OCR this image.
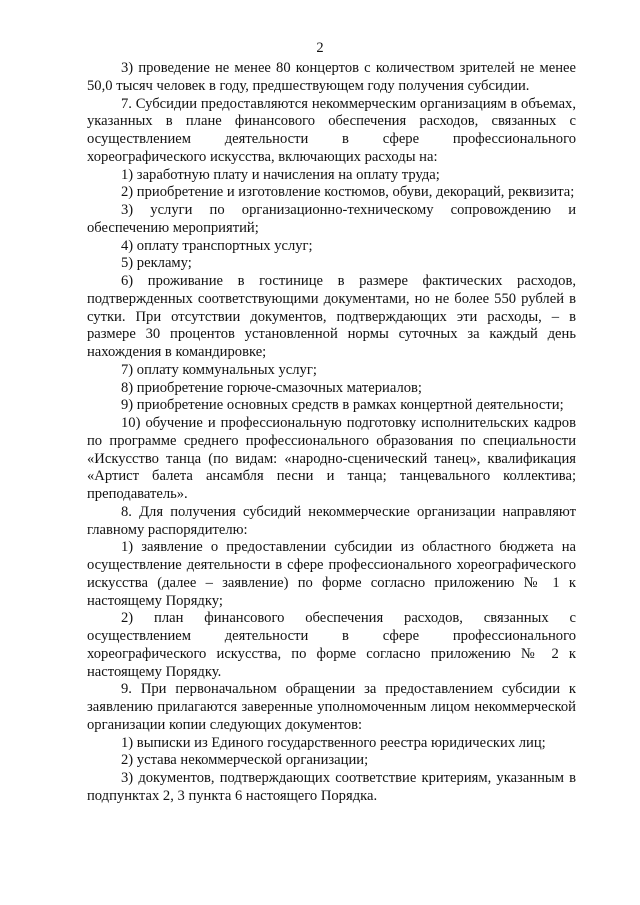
2

3) проведение не менее 80 концертов с количеством зрителей не менее 50,0 тысяч человек в году, предшествующем году получения субсидии.

7. Субсидии предоставляются некоммерческим организациям в объемах, указанных в плане финансового обеспечения расходов, связанных с осуществлением деятельности в сфере профессионального хореографического искусства, включающих расходы на:

1) заработную плату и начисления на оплату труда;

2) приобретение и изготовление костюмов, обуви, декораций, реквизита;

3) услуги по организационно-техническому сопровождению и обеспечению мероприятий;

4) оплату транспортных услуг;

5) рекламу;

6) проживание в гостинице в размере фактических расходов, подтвержденных соответствующими документами, но не более 550 рублей в сутки. При отсутствии документов, подтверждающих эти расходы, – в размере 30 процентов установленной нормы суточных за каждый день нахождения в командировке;

7) оплату коммунальных услуг;

8) приобретение горюче-смазочных материалов;

9) приобретение основных средств в рамках концертной деятельности;

10) обучение и профессиональную подготовку исполнительских кадров по программе среднего профессионального образования по специальности «Искусство танца (по видам: «народно-сценический танец», квалификация «Артист балета ансамбля песни и танца; танцевального коллектива; преподаватель».

8. Для получения субсидий некоммерческие организации направляют главному распорядителю:

1) заявление о предоставлении субсидии из областного бюджета на осуществление деятельности в сфере профессионального хореографического искусства (далее – заявление) по форме согласно приложению № 1 к настоящему Порядку;

2) план финансового обеспечения расходов, связанных с осуществлением деятельности в сфере профессионального хореографического искусства, по форме согласно приложению № 2 к настоящему Порядку.

9. При первоначальном обращении за предоставлением субсидии к заявлению прилагаются заверенные уполномоченным лицом некоммерческой организации копии следующих документов:

1) выписки из Единого государственного реестра юридических лиц;

2) устава некоммерческой организации;

3) документов, подтверждающих соответствие критериям, указанным в подпунктах 2, 3 пункта 6 настоящего Порядка.
